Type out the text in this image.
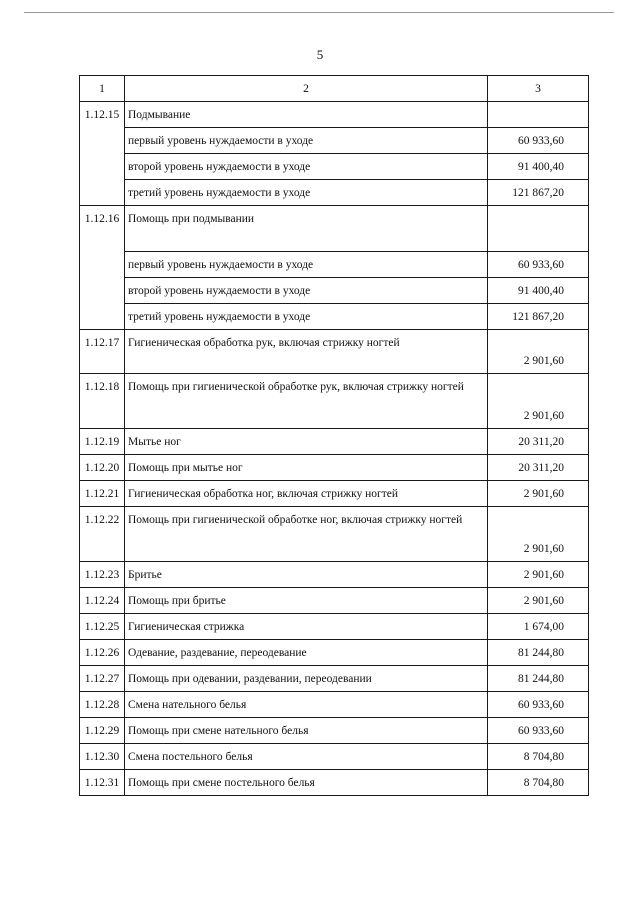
5
1	2	3
1.12.15	Подмывание	
	первый уровень нуждаемости в уходе	60 933,60
	второй уровень нуждаемости в уходе	91 400,40
	третий уровень нуждаемости в уходе	121 867,20
1.12.16	Помощь при подмывании	
	первый уровень нуждаемости в уходе	60 933,60
	второй уровень нуждаемости в уходе	91 400,40
	третий уровень нуждаемости в уходе	121 867,20
1.12.17	Гигиеническая обработка рук, включая стрижку ногтей	2 901,60
1.12.18	Помощь при гигиенической обработке рук, включая стрижку ногтей	2 901,60
1.12.19	Мытье ног	20 311,20
1.12.20	Помощь при мытье ног	20 311,20
1.12.21	Гигиеническая обработка ног, включая стрижку ногтей	2 901,60
1.12.22	Помощь при гигиенической обработке ног, включая стрижку ногтей	2 901,60
1.12.23	Бритье	2 901,60
1.12.24	Помощь при бритье	2 901,60
1.12.25	Гигиеническая стрижка	1 674,00
1.12.26	Одевание, раздевание, переодевание	81 244,80
1.12.27	Помощь при одевании, раздевании, переодевании	81 244,80
1.12.28	Смена нательного белья	60 933,60
1.12.29	Помощь при смене нательного белья	60 933,60
1.12.30	Смена постельного белья	8 704,80
1.12.31	Помощь при смене постельного белья	8 704,80
